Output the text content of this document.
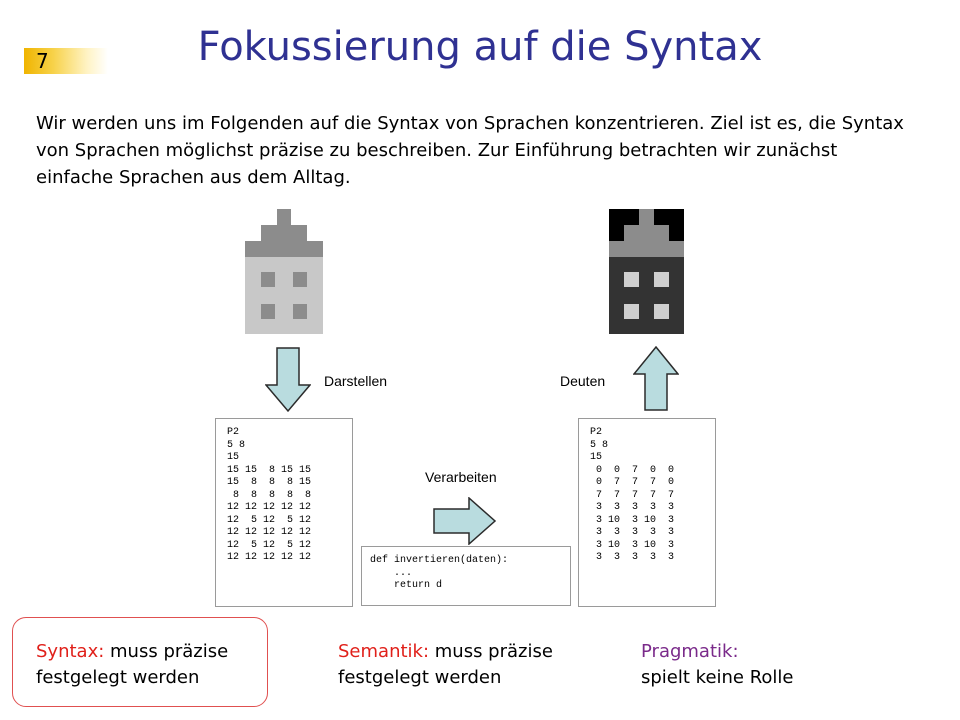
7	Fokussierung auf die Syntax

Wir werden uns im Folgenden auf die Syntax von Sprachen konzentrieren. Ziel ist es, die Syntax von Sprachen möglichst präzise zu beschreiben. Zur Einführung betrachten wir zunächst einfache Sprachen aus dem Alltag.

Darstellen	Deuten
Verarbeiten
P2
5 8
15
15 15  8 15 15
15  8  8  8 15
8  8  8  8  8
12 12 12 12 12
12  5 12  5 12
12 12 12 12 12
12  5 12  5 12
12 12 12 12 12	def invertieren(daten):
...
return d
P2
5 8
15
0  0  7  0  0
0  7  7  7  0
7  7  7  7  7
3  3  3  3  3
3 10  3 10  3
3  3  3  3  3
3 10  3 10  3
3  3  3  3  3
Syntax: muss präzise
festgelegt werden
Semantik: muss präzise
festgelegt werden
Pragmatik:
spielt keine Rolle
